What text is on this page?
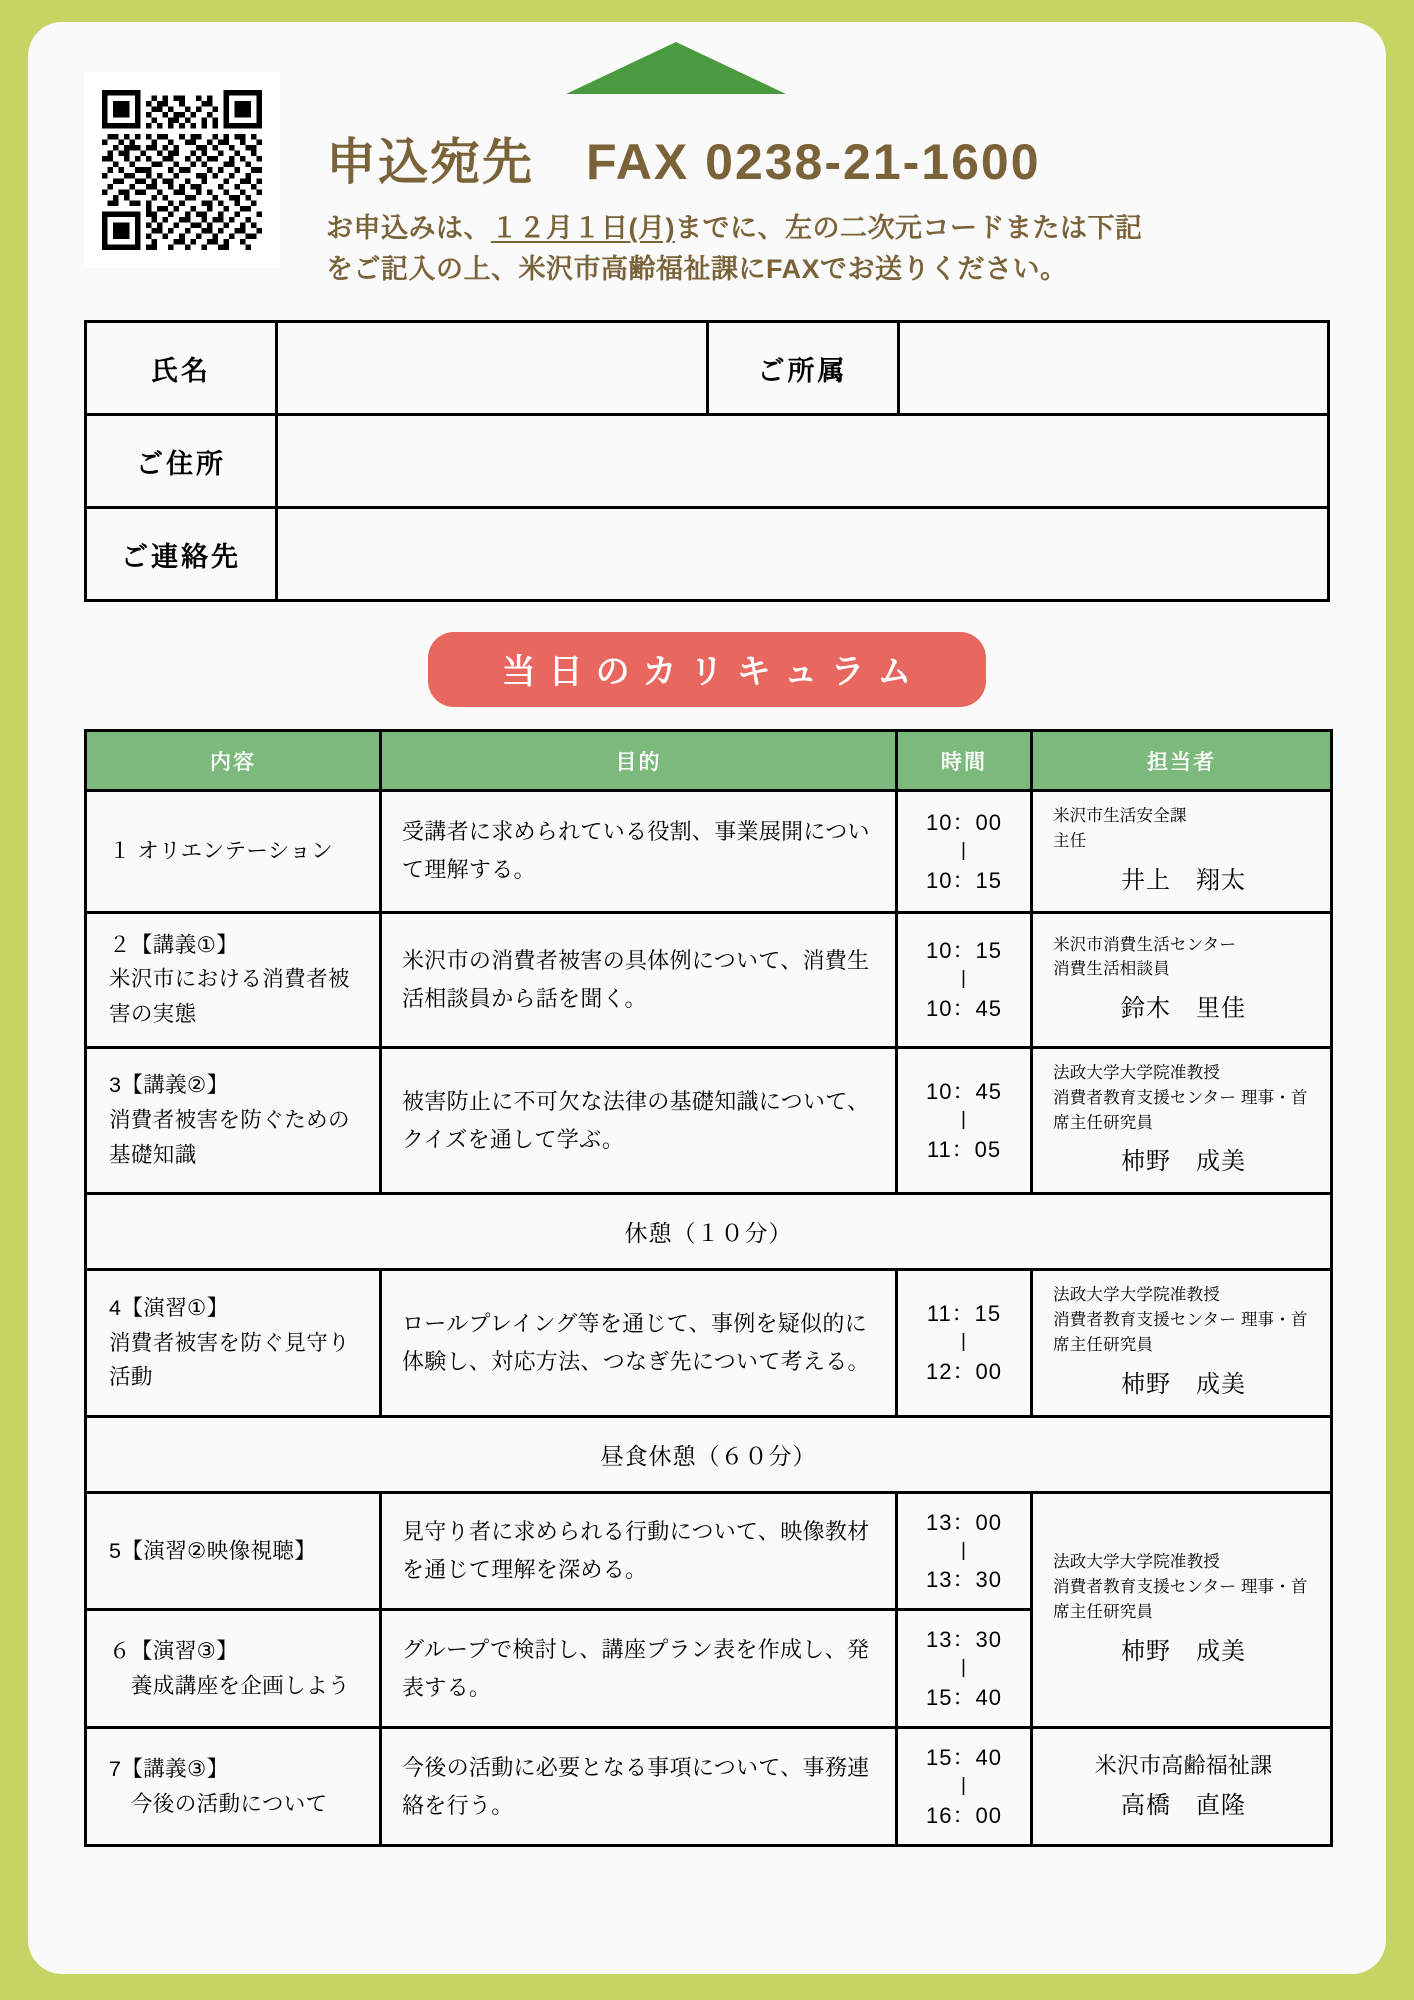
申込宛先　FAX 0238-21-1600
お申込みは、１２月１日(月)までに、左の二次元コードまたは下記
をご記入の上、米沢市高齢福祉課にFAXでお送りください。
氏名		ご所属	
ご住所			
ご連絡先			
当日のカリキュラム
内容	目的	時間	担当者
１ オリエンテーション	受講者に求められている役割、事業展開について理解する。	10：00
|
10：15	米沢市生活安全課
主任
井上　翔太

２【講義①】
米沢市における消費者被害の実態	米沢市の消費者被害の具体例について、消費生活相談員から話を聞く。	10：15
|
10：45	米沢市消費生活センター
消費生活相談員
鈴木　里佳

3【講義②】
消費者被害を防ぐための基礎知識	被害防止に不可欠な法律の基礎知識について、クイズを通して学ぶ。	10：45
|
11：05	法政大学大学院准教授
消費者教育支援センター 理事・首席主任研究員
柿野　成美

休憩（１０分）			
4【演習①】
消費者被害を防ぐ見守り活動	ロールプレイング等を通じて、事例を疑似的に体験し、対応方法、つなぎ先について考える。	11：15
|
12：00	法政大学大学院准教授
消費者教育支援センター 理事・首席主任研究員
柿野　成美

昼食休憩（６０分）			
5【演習②映像視聴】	見守り者に求められる行動について、映像教材を通じて理解を深める。	13：00
|
13：30	法政大学大学院准教授
消費者教育支援センター 理事・首席主任研究員
柿野　成美

６【演習③】
　養成講座を企画しよう	グループで検討し、講座プラン表を作成し、発表する。	13：30
|
15：40	
7【講義③】
　今後の活動について	今後の活動に必要となる事項について、事務連絡を行う。	15：40
|
16：00	米沢市高齢福祉課
高橋　直隆
